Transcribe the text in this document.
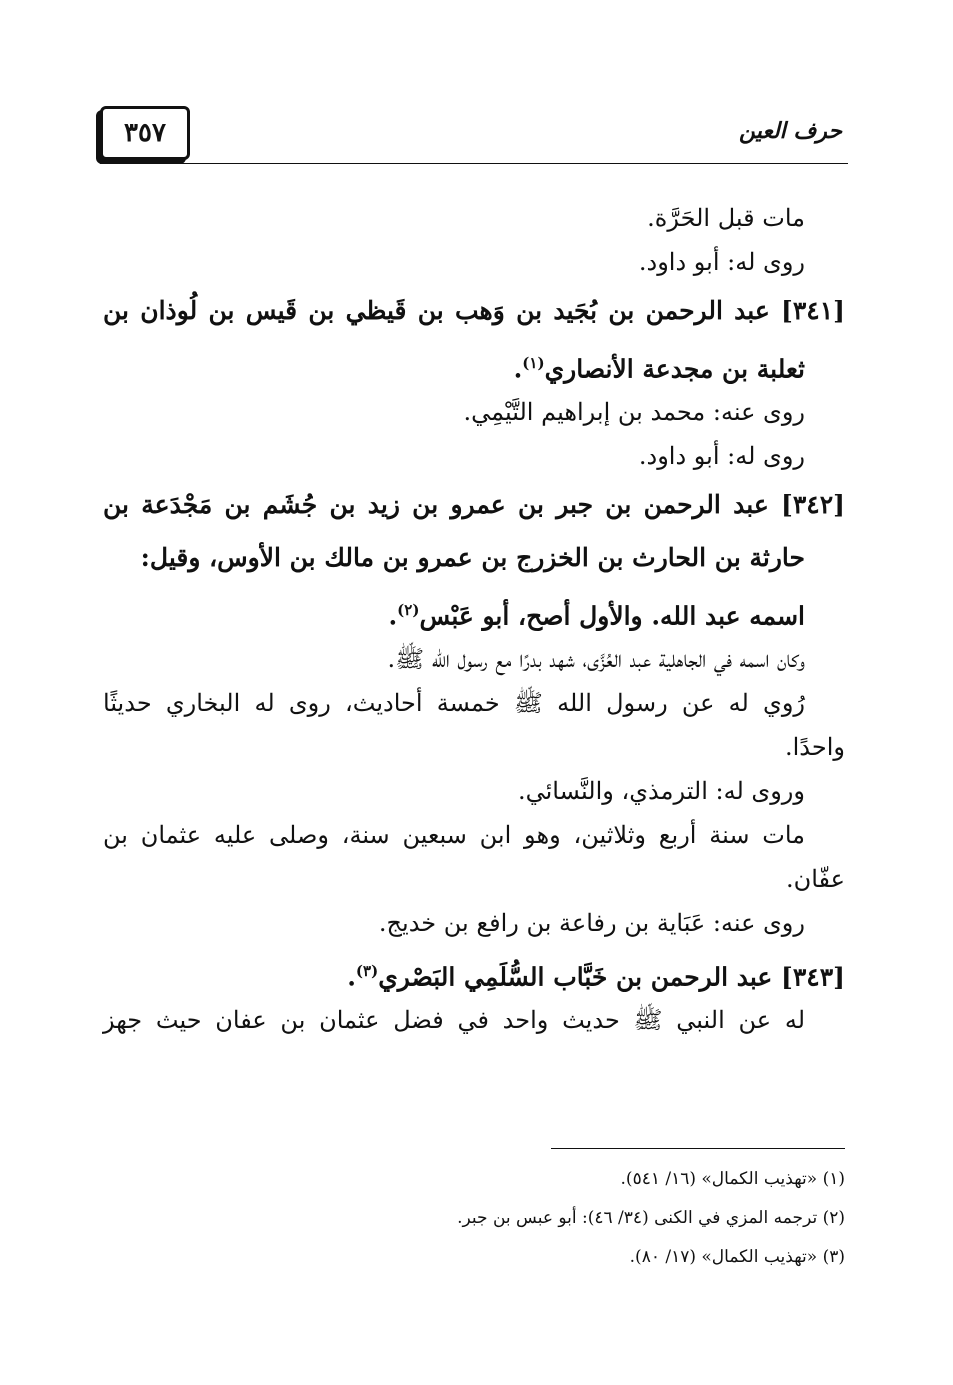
٣٥٧	حرف العين
مات قبل الحَرَّة.
روى له: أبو داود.
[٣٤١] عبد الرحمن بن بُجَيد بن وَهب بن قَيظي بن قَيس بن لُوذان بن
ثعلبة بن مجدعة الأنصاري$^{(١)}$.
روى عنه: محمد بن إبراهيم التَّيْمِي.
روى له: أبو داود.
[٣٤٢] عبد الرحمن بن جبر بن عمرو بن زيد بن جُشَم بن مَجْدَعة بن
حارثة بن الحارث بن الخزرج بن عمرو بن مالك بن الأوس، وقيل:
اسمه عبد الله. والأول أصح، أبو عَبْس$^{(٢)}$.
وكان اسمه في الجاهلية عبد العُزَّى، شهد بدرًا مع رسول الله ﷺ.
رُوي له عن رسول الله ﷺ خمسة أحاديث، روى له البخاري حديثًا
واحدًا.
وروى له: الترمذي، والنَّسائي.
مات سنة أربع وثلاثين، وهو ابن سبعين سنة، وصلى عليه عثمان بن
عفّان.
روى عنه: عَبَاية بن رفاعة بن رافع بن خديج.
[٣٤٣] عبد الرحمن بن خَبَّاب السُّلَمِي البَصْري$^{(٣)}$.
له عن النبي ﷺ حديث واحد في فضل عثمان بن عفان حيث جهز
(١) «تهذيب الكمال» (١٦/ ٥٤١).
(٢) ترجمه المزي في الكنى (٣٤/ ٤٦): أبو عبس بن جبر.
(٣) «تهذيب الكمال» (١٧/ ٨٠).
